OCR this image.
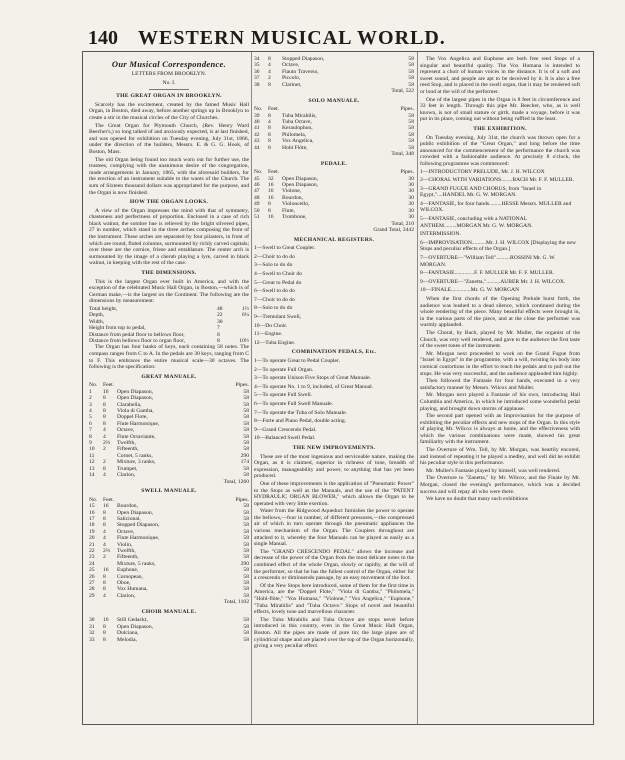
140 WESTERN MUSICAL WORLD.
Our Musical Correspondence.
LETTERS FROM BROOKLYN.
No. I.
THE GREAT ORGAN IN BROOKLYN.

Scarcely has the excitement, created by the famed Music Hall Organ, in Boston, died away, before another springs up in Brooklyn to create a stir in the musical circles of the City of Churches.

The Great Organ for Plymouth Church, (Rev. Henry Ward Beecher's,) so long talked of and anxiously expected, is at last finished, and was opened for exhibition on Tuesday evening, July 31st, 1866, under the direction of the builders, Messrs. E. & G. G. Hook, of Boston, Mass.

The old Organ being found too much worn out for further use, the trustees, complying with the unanimous desire of the congregation, made arrangements in January, 1865, with the aforesaid builders, for the erection of an instrument suitable to the wants of the Church. The sum of Sixteen thousand dollars was appropriated for the purpose, and the Organ is now finished.

HOW THE ORGAN LOOKS.

A view of the Organ impresses the mind with that of symmetry, chasteness and perfectness of proportion. Enclosed in a case of rich black walnut, the sombre hue is relieved by the bright silvered pipes, 27 in number, which stand in the three arches composing the front of the instrument. These arches are separated by four pilasters, in front of which are round, fluted columns, surmounted by richly carved capitals; over these are the cornice, frieze and entablature. The center arch is surmounted by the image of a cherub playing a lyre, carved in black walnut, in keeping with the rest of the case.

THE DIMENSIONS.

This is the largest Organ ever built in America, and with the exception of the celebrated Music Hall Organ, in Boston,—which is of German make,—is the largest on the Continent. The following are the dimensions by measurement:

Total height,	48	1½
Depth,	22	6¼
Width,	30	
Height from top to pedal,	7	
Distance from pedal floor to bellows floor,	8	
Distance from bellows floor to organ floor,	8	10½

The Organ has four banks of keys, each containing 58 notes. The compass ranges from C to A. In the pedals are 30 keys, ranging from C to F. This embraces the entire musical scale—30 octaves. The following is the specification:

GREAT MANUALE.
No.	Feet.		Pipes.
1	16	Open Diapason,	58
2	8	Open Diapason,	58
3	8	Clarabella,	58
4	8	Viola di Gamba,	58
5	8	Doppel Flote,	58
6	8	Flute Harmonique,	58
7	4	Octave,	58
8	4	Flute Octaviante,	58
9	2⅔	Twelfth,	58
10	2	Fifteenth,	58
11		Cornet, 5 ranks,	290
12	2	Mixture, 3 ranks,	174
13	8	Trumpet,	58
14	4	Clarion,	58
Total, 1260
SWELL MANUALE.
No.	Feet.		Pipes.
15	16	Bourdon,	58
16	8	Open Diapason,	58
17	8	Salicional,	58
18	8	Stopped Diapason,	58
19	4	Octave,	58
20	4	Flute Harmonique,	58
21	4	Violin,	58
22	2⅔	Twelfth,	58
23	2	Fifteenth,	58
24		Mixture, 5 ranks,	290
25	16	Euphone,	58
26	8	Cornopean,	58
27	8	Oboe,	58
28	8	Vox Humana,	58
29	4	Clarion,	58
Total, 1102
CHOIR MANUALE.
30	16	Still Gedackt,	58
31	8	Open Diapason,	58
32	8	Dulciana,	58
33	8	Melodia,	58
34	8	Stopped Diapason,	58
35	4	Octave,	58
36	4	Flauto Traverso,	58
37	2	Piccolo,	58
38	8	Clarinet,	58
Total, 522
SOLO MANUALE.
No.	Feet.		Pipes.
39	8	Tuba Mirabilis,	58
40	4	Tuba Octave,	58
41	8	Keraulophon,	58
42	8	Philomela,	58
43	8	Vox Angelica,	58
44	8	Hohl Flöte,	58
Total, 348
PEDALE.
No.	Feet.		Pipes.
45	32	Open Diapason,	30
46	16	Open Diapason,	30
47	16	Violone,	30
48	16	Bourdon,	30
49	8	Violoncello,	30
50	8	Flute,	30
51	16	Trombone,	30
Total, 210
Grand Total, 3442
MECHANICAL REGISTERS.
1—Swell to Great Coupler.
2—Choir to do do
3—Solo to do do
4—Swell to Choir do
5—Great to Pedal do
6—Swell to do do
7—Choir to do do
8—Solo to do do
9—Tremulant Swell,
10—Do Choir.
11—Engine.
12—Tuba Engine.
COMBINATION PEDALS, Etc.
1—To operate Great to Pedal Coupler.
2—To operate Full Organ.
3—To operate Unison Five Stops of Great Manuale.
4—To operate No. 1 to 9, included, of Great Manual.
5—To operate Full Swell.
6—To operate Full Swell Manuale.
7—To operate the Tuba of Solo Manuale.
8—Forte and Piano Pedal, double acting.
9—Grand Crescendo Pedal.
10—Balanced Swell Pedal.
THE NEW IMPROVEMENTS.

These are of the most ingenious and serviceable nature, making the Organ, as it is claimed, superior in richness of tone, breadth of expression, manageability and power, to anything that has yet been produced.

One of these improvements is the application of "Pneumatic Power" to the Stops as well as the Manuals, and the use of the "PATENT HYDRAULIC ORGAN BLOWER," which allows the Organ to be operated with very little exertion.

Water from the Ridgwood Aqueduct furnishes the power to operate the bellows,—four in number, of different pressures,—the compressed air of which in turn operate through the pneumatic appliances the various mechanism of the Organ. The Couplers throughout are attached to it, whereby the four Manuals can be played as easily as a single Manual.

The "GRAND CRESCENDO PEDAL" allows the increase and decrease of the power of the Organ from the most delicate notes to the combined effect of the whole Organ, slowly or rapidly, at the will of the performer, so that he has the fullest control of the Organ, either for a crescendo or diminuendo passage, by an easy movement of the foot.

Of the New Stops here introduced, some of them for the first time in America, are the "Doppel Flote," "Viola di Gamba," "Philomela," "Hohl-flöte," "Vox Humana," "Violone," "Vox Angelica," "Euphone," "Tuba Mirabilis" and "Tuba Octave." Stops of novel and beautiful effects, lovely tone and marvellous character.

The Tuba Mirabilis and Tuba Octave are stops never before introduced in this country, even in the Great Music Hall Organ, Boston. All the pipes are made of pure tin; the large pipes are of cylindrical shape and are placed over the top of the Organ horizontally, giving a very peculiar effect.

The Vox Angelica and Euphone are both free reed Stops of a singular and beautiful quality. The Vox Humana is intended to represent a choir of human voices in the distance. It is of a soft and sweet sound, and people are apt to be deceived by it. It is also a free reed Stop, and is placed in the swell organ, that it may be rendered soft or loud at the will of the performer.

One of the largest pipes in the Organ is 8 feet in circumference and 33 feet in length. Through this pipe Mr. Beecher, who, as is well known, is not of small stature or girth, made a voyage, before it was put in its place, coming out without being ruffled in the least.

THE EXHIBITION.

On Tuesday evening, July 31st, the church was thrown open for a public exhibition of the "Great Organ," and long before the time announced for the commencement of the performance the church was crowded with a fashionable audience. At precisely 8 o'clock, the following programme was commenced:

1—INTRODUCTORY PRELUDE, Mr. J. H. WILCOX
2—CHORAL WITH VARIATIONS........BACH Mr. F. F. MULLER.
3—GRAND FUGUE AND CHORUS, from "Israel in Egypt,"....HANDEL Mr. G. W. MORGAN.
4—FANTASIE, for four hands.........HESSE Messrs. MULLER and WILCOX.
5—FANTASIE, concluding with a NATIONAL ANTHEM.........MORGAN Mr. G. W. MORGAN.
INTERMISSION.
6—IMPROVISATION..........Mr. J. H. WILCOX [Displaying the new Stops and peculiar effects of the Organ.]
7—OVERTURE—"William Tell"..........ROSSINI Mr. G. W. MORGAN.
8—FANTASIE..............F. F. MULLER Mr. F. F. MULLER.
9—OVERTURE—"Zanetta,"..........AUBER Mr. J. H. WILCOX.
10—FINALE..............Mr. G. W. MORGAN

When the first chords of the Opening Prelude burst forth, the audience was hushed to a dead silence, which continued during the whole rendering of the piece. Many beautiful effects were brought in, in the various parts of the piece, and at the close the performer was warmly applauded.

The Choral, by Bach, played by Mr. Muller, the organist of the Church, was very well rendered, and gave to the audience the first taste of the sweet tones of the instrument.

Mr. Morgan next proceeded to work on the Grand Fugue from "Israel in Egypt" in the programme, with a will, twisting his body into comical contortions in the effort to reach the pedals and to pull out the stops. He was very successful, and the audience applauded him highly.

Then followed the Fantasie for four hands, executed in a very satisfactory manner by Messrs. Wilcox and Muller.

Mr. Morgan next played a Fantasie of his own, introducing Hail Columbia and America, in which he introduced some wonderful pedal playing, and brought down storms of applause.

The second part opened with an Improvisation for the purpose of exhibiting the peculiar effects and new stops of the Organ. In this style of playing Mr. Wilcox is always at home, and the effectiveness with which the various combinations were made, showed his great familiarity with the instrument.

The Overture of Wm. Tell, by Mr. Morgan, was heartily encored, and instead of repeating it he played a medley, and well did he exhibit his peculiar style in this performance.

Mr. Muller's Fantasie played by himself, was well rendered.

The Overture to "Zanetta," by Mr. Wilcox, and the Finale by Mr. Morgan, closed the evening's performance, which was a decided success and will repay all who were there.

We have no doubt that many such exhibitions
